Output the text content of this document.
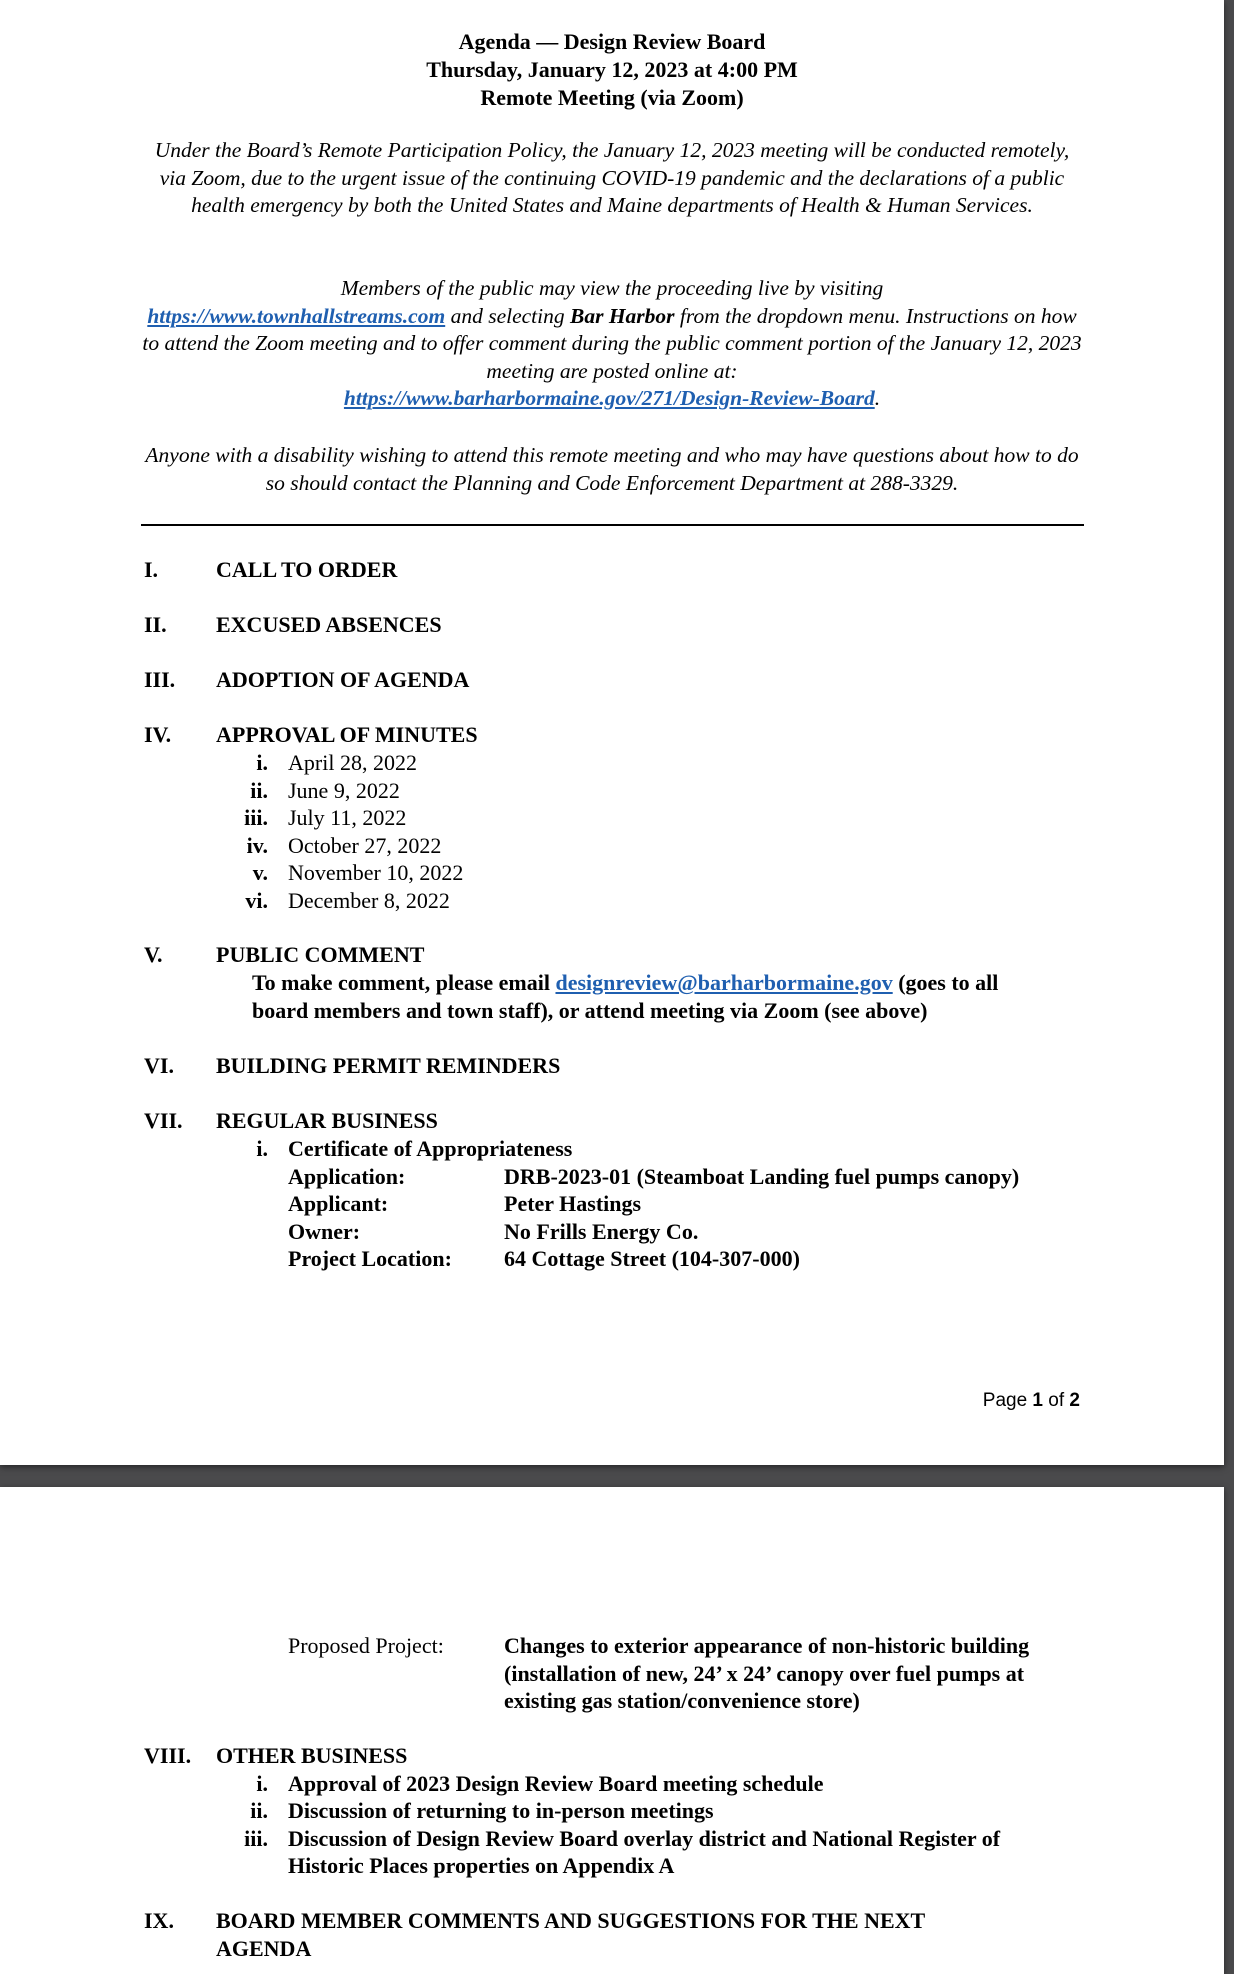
Agenda — Design Review Board
Thursday, January 12, 2023 at 4:00 PM
Remote Meeting (via Zoom)
Under the Board’s Remote Participation Policy, the January 12, 2023 meeting will be conducted remotely, via Zoom, due to the urgent issue of the continuing COVID-19 pandemic and the declarations of a public health emergency by both the United States and Maine departments of Health & Human Services.
Members of the public may view the proceeding live by visiting
https://www.townhallstreams.com and selecting Bar Harbor from the dropdown menu. Instructions on how to attend the Zoom meeting and to offer comment during the public comment portion of the January 12, 2023 meeting are posted online at:
https://www.barharbormaine.gov/271/Design-Review-Board.
Anyone with a disability wishing to attend this remote meeting and who may have questions about how to do so should contact the Planning and Code Enforcement Department at 288-3329.
I.	CALL TO ORDER
II. EXCUSED ABSENCES
III. ADOPTION OF AGENDA
IV. APPROVAL OF MINUTES
i. April 28, 2022
ii. June 9, 2022
iii. July 11, 2022
iv. October 27, 2022
v. November 10, 2022
vi. December 8, 2022
V. PUBLIC COMMENT
To make comment, please email designreview@barharbormaine.gov (goes to all
board members and town staff), or attend meeting via Zoom (see above)
VI. BUILDING PERMIT REMINDERS
VII. REGULAR BUSINESS
i. Certificate of Appropriateness
Application:	DRB-2023-01 (Steamboat Landing fuel pumps canopy)
Applicant:	Peter Hastings
Owner:	No Frills Energy Co.
Project Location: 64 Cottage Street (104-307-000)
Page 1 of 2
Proposed Project:	Changes to exterior appearance of non-historic building
(installation of new, 24’ x 24’ canopy over fuel pumps at
existing gas station/convenience store)
VIII. OTHER BUSINESS
i. Approval of 2023 Design Review Board meeting schedule
ii. Discussion of returning to in-person meetings
iii. Discussion of Design Review Board overlay district and National Register of
Historic Places properties on Appendix A
IX. BOARD MEMBER COMMENTS AND SUGGESTIONS FOR THE NEXT
AGENDA
